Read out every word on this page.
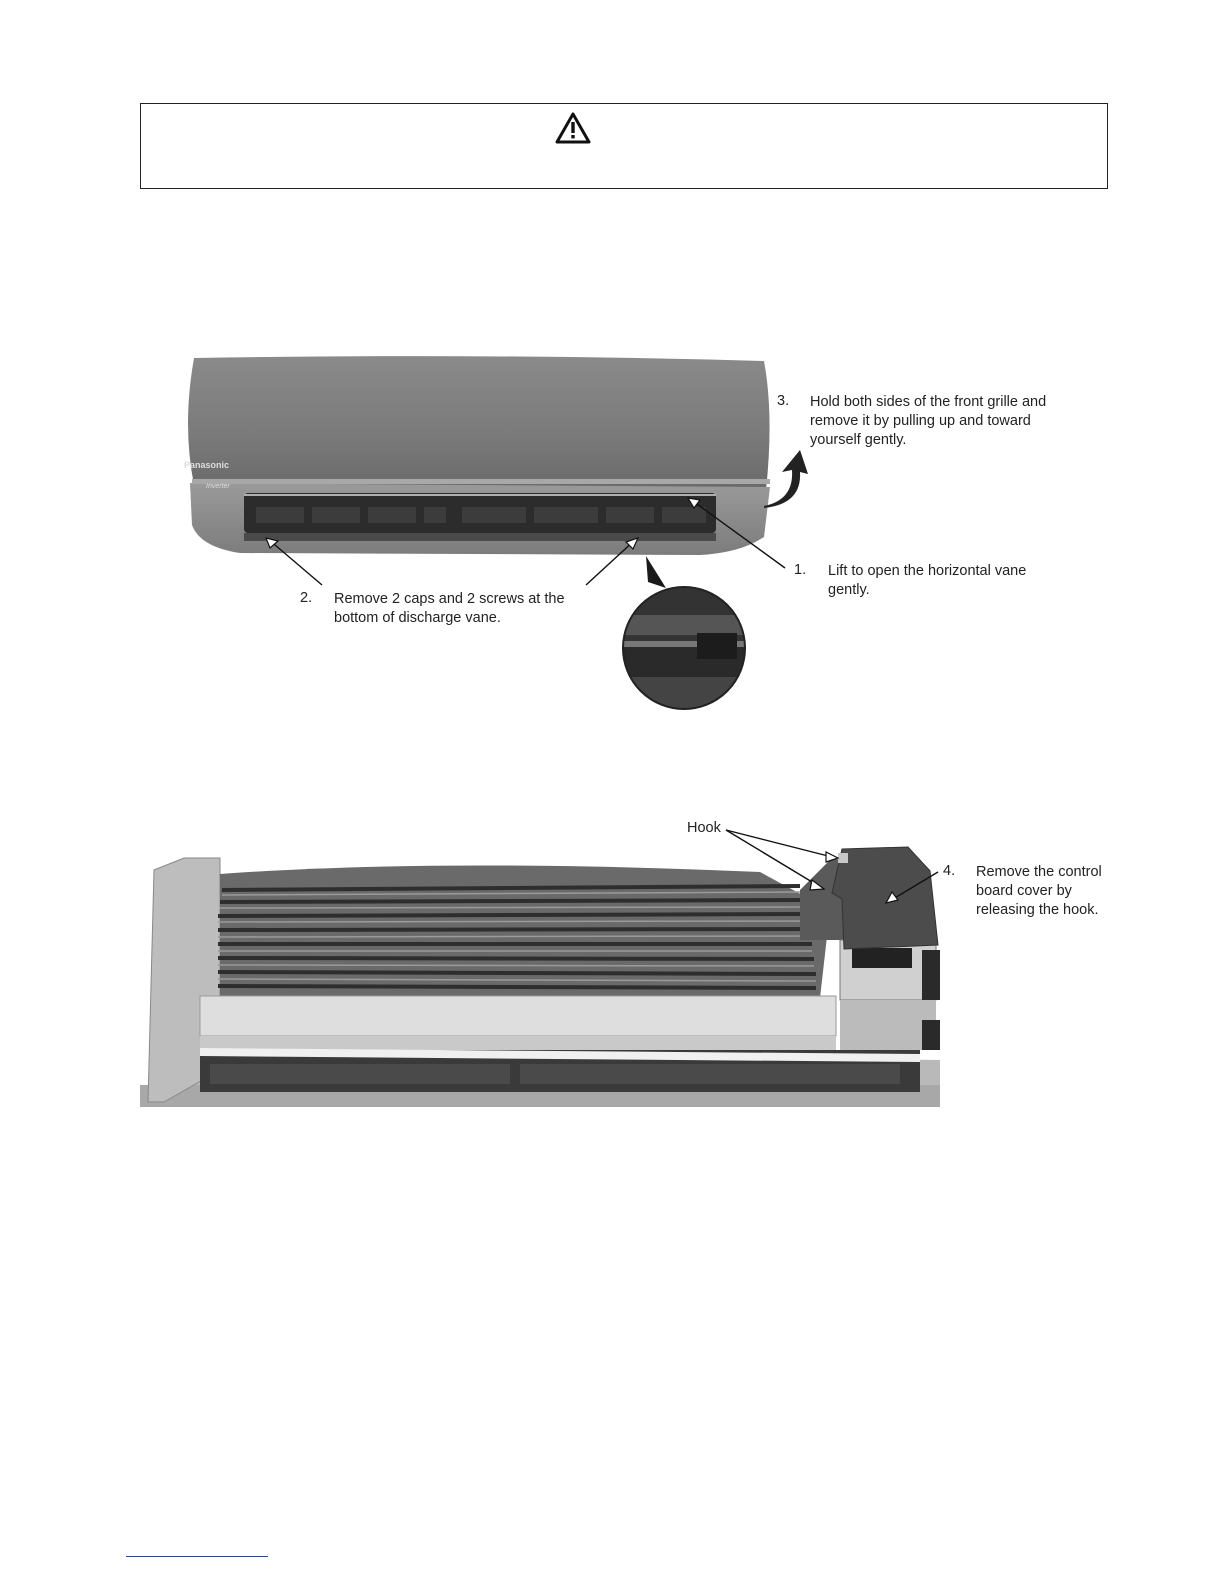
Panasonic
Inverter
3. Hold both sides of the front grille and
remove it by pulling up and toward
yourself gently.
1. Lift to open the horizontal vane
gently.
2. Remove 2 caps and 2 screws at the
bottom of discharge vane.
Hook
4. Remove the control
board cover by
releasing the hook.
